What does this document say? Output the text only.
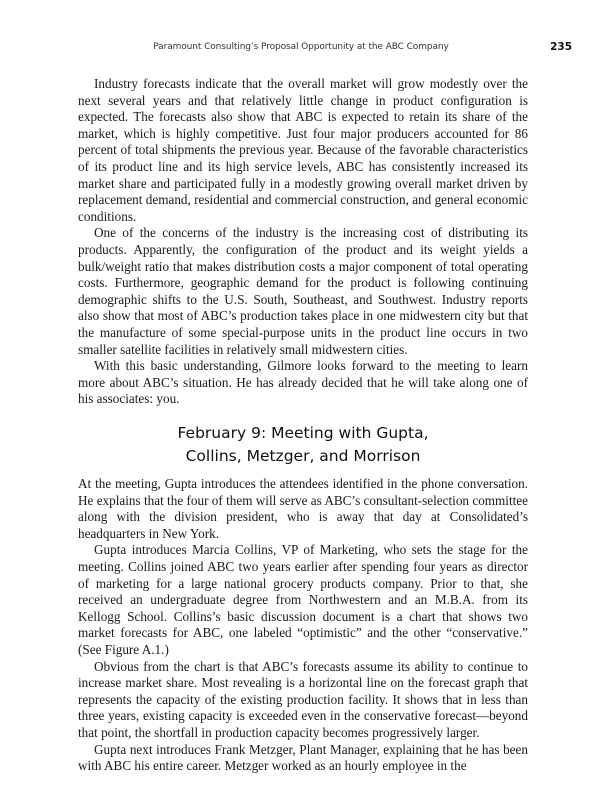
Paramount Consulting’s Proposal Opportunity at the ABC Company	235

Industry forecasts indicate that the overall market will grow modestly over the next several years and that relatively little change in product configuration is expected. The forecasts also show that ABC is expected to retain its share of the market, which is highly competitive. Just four major producers accounted for 86 percent of total shipments the previous year. Because of the favorable characteristics of its product line and its high service levels, ABC has consistently increased its market share and participated fully in a modestly growing overall market driven by replacement demand, residential and commercial construction, and general economic conditions.

One of the concerns of the industry is the increasing cost of distributing its products. Apparently, the configuration of the product and its weight yields a bulk/weight ratio that makes distribution costs a major component of total operating costs. Furthermore, geographic demand for the product is following continuing demographic shifts to the U.S. South, Southeast, and Southwest. Industry reports also show that most of ABC’s production takes place in one midwestern city but that the manufacture of some special-purpose units in the product line occurs in two smaller satellite facilities in relatively small midwestern cities.

With this basic understanding, Gilmore looks forward to the meeting to learn more about ABC’s situation. He has already decided that he will take along one of his associates: you.

February 9: Meeting with Gupta,
Collins, Metzger, and Morrison

At the meeting, Gupta introduces the attendees identified in the phone conversation. He explains that the four of them will serve as ABC’s consultant-selection committee along with the division president, who is away that day at Consolidated’s headquarters in New York.

Gupta introduces Marcia Collins, VP of Marketing, who sets the stage for the meeting. Collins joined ABC two years earlier after spending four years as director of marketing for a large national grocery products company. Prior to that, she received an undergraduate degree from Northwestern and an M.B.A. from its Kellogg School. Collins’s basic discussion document is a chart that shows two market forecasts for ABC, one labeled “optimistic” and the other “conservative.” (See Figure A.1.)

Obvious from the chart is that ABC’s forecasts assume its ability to continue to increase market share. Most revealing is a horizontal line on the forecast graph that represents the capacity of the existing production facility. It shows that in less than three years, existing capacity is exceeded even in the conservative forecast—beyond that point, the shortfall in production capacity becomes progressively larger.

Gupta next introduces Frank Metzger, Plant Manager, explaining that he has been with ABC his entire career. Metzger worked as an hourly employee in the
